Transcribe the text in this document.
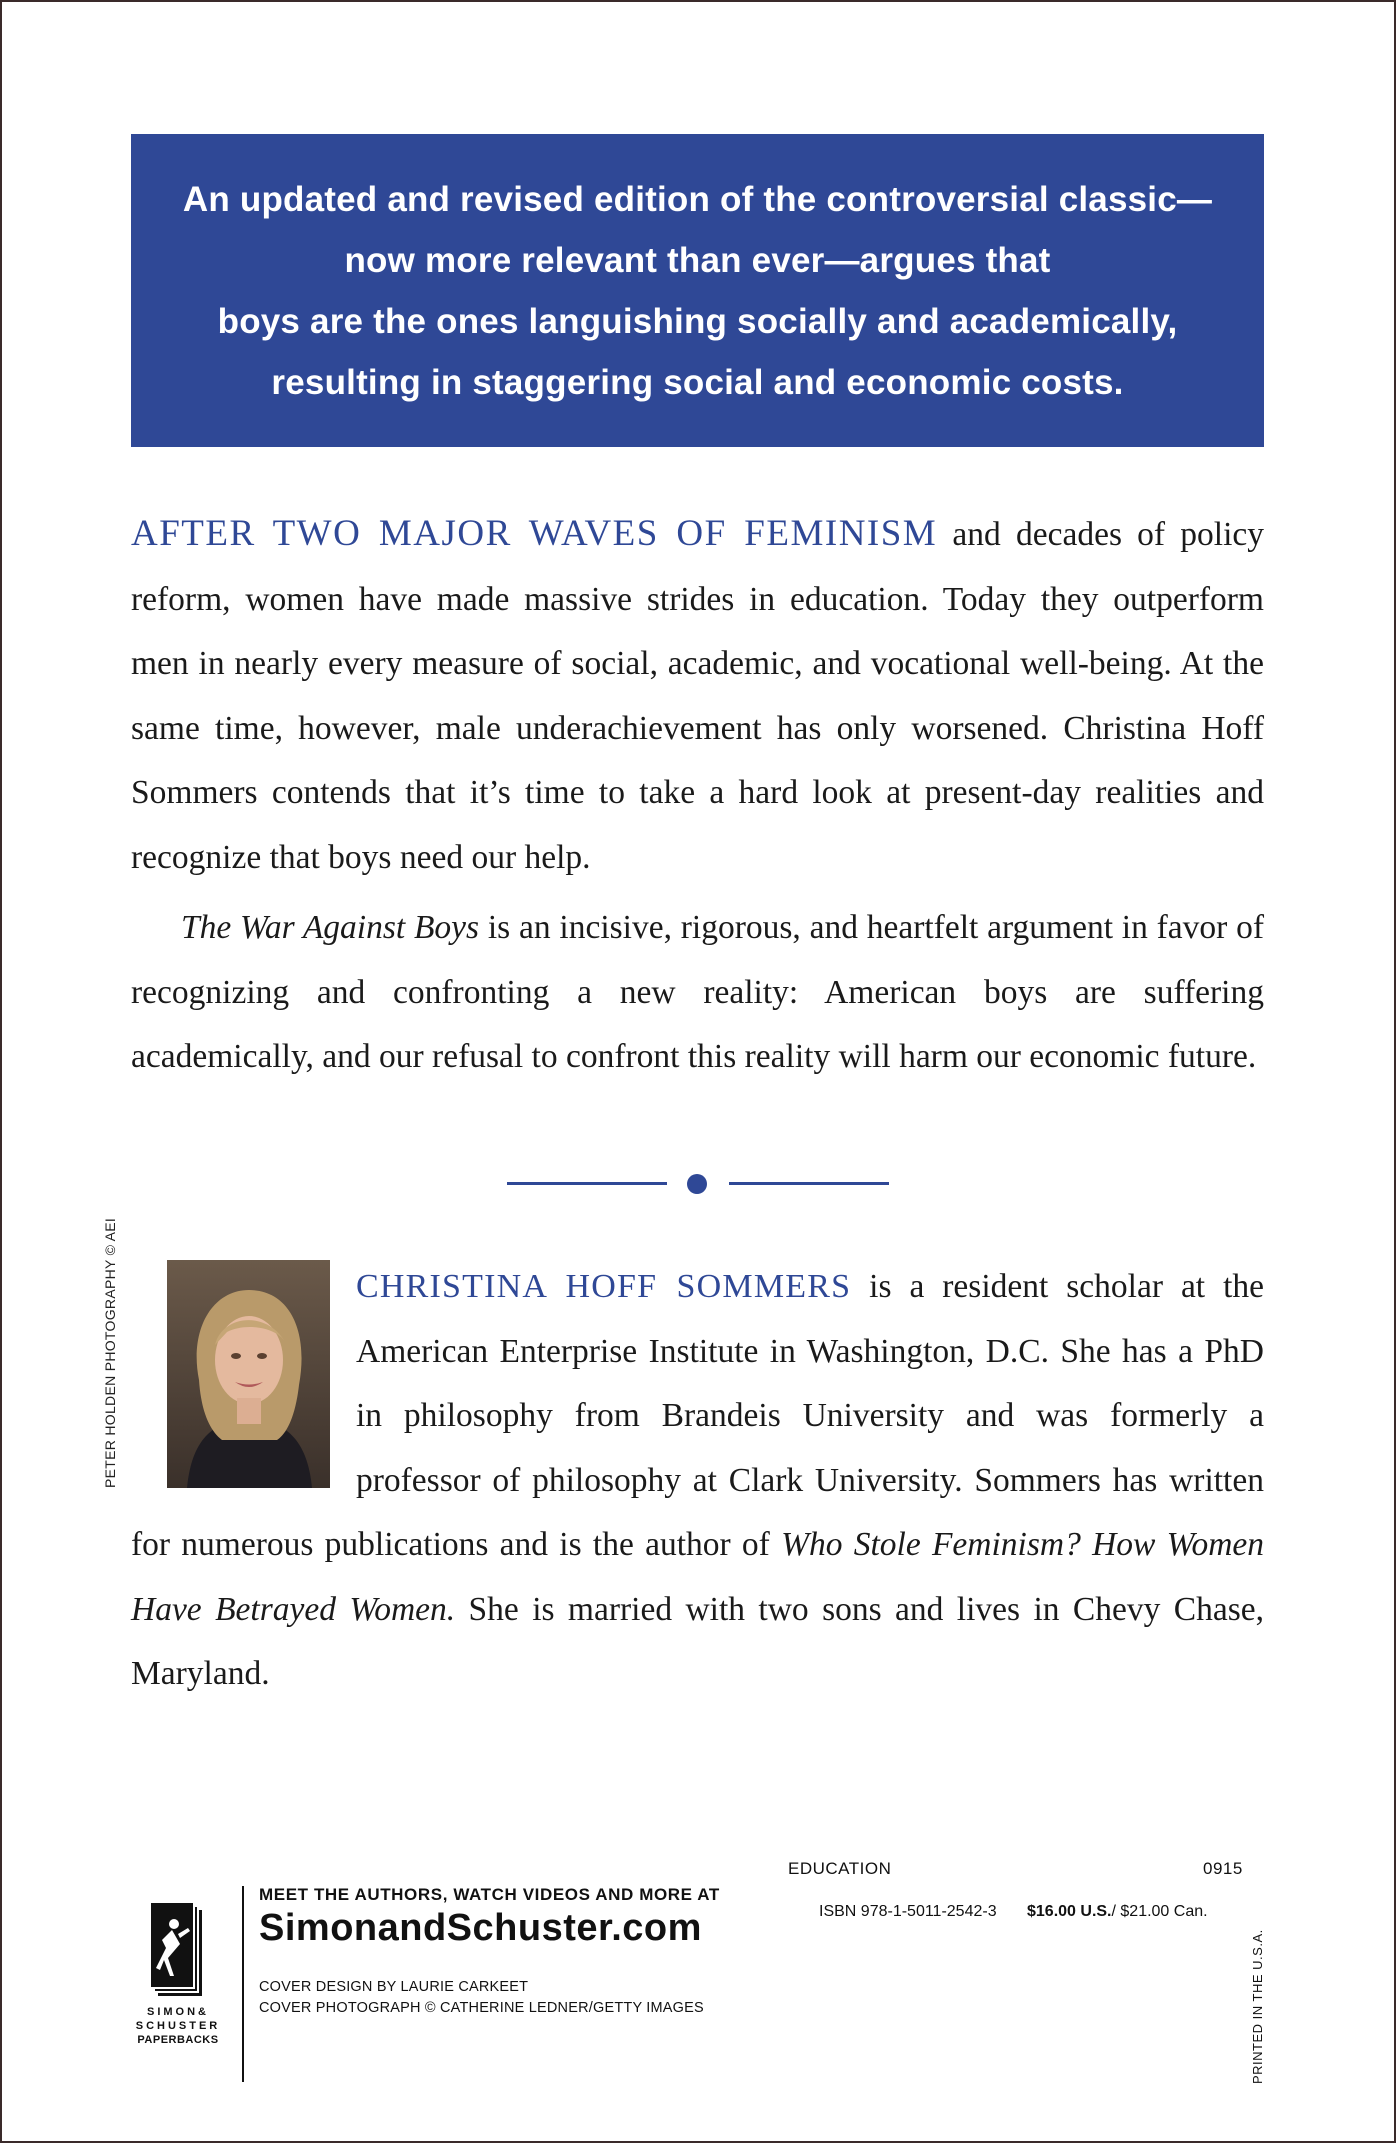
An updated and revised edition of the controversial classic—
now more relevant than ever—argues that
boys are the ones languishing socially and academically,
resulting in staggering social and economic costs.

AFTER TWO MAJOR WAVES OF FEMINISM and decades of policy reform, women have made massive strides in education. Today they outperform men in nearly every measure of social, academic, and vocational well-being. At the same time, however, male underachievement has only worsened. Christina Hoff Sommers contends that it’s time to take a hard look at present-day realities and recognize that boys need our help.

The War Against Boys is an incisive, rigorous, and heartfelt argument in favor of recognizing and confronting a new reality: American boys are suffering academically, and our refusal to confront this reality will harm our economic future.

PETER HOLDEN PHOTOGRAPHY © AEI	CHRISTINA HOFF SOMMERS is a resident scholar at the American Enterprise Institute in Washington, D.C. She has a PhD in philosophy from Brandeis University and was formerly a professor of philosophy at Clark University. Sommers has written for numerous publications and is the author of Who Stole Feminism? How Women Have Betrayed Women. She is married with two sons and lives in Chevy Chase, Maryland.
SIMON&
SCHUSTER
PAPERBACKS
MEET THE AUTHORS, WATCH VIDEOS AND MORE AT
SimonandSchuster.com
COVER DESIGN BY LAURIE CARKEET
COVER PHOTOGRAPH © CATHERINE LEDNER/GETTY IMAGES
EDUCATION	0915
ISBN 978-1-5011-2542-3 $16.00 U.S./ $21.00 Can.
PRINTED IN THE U.S.A.
